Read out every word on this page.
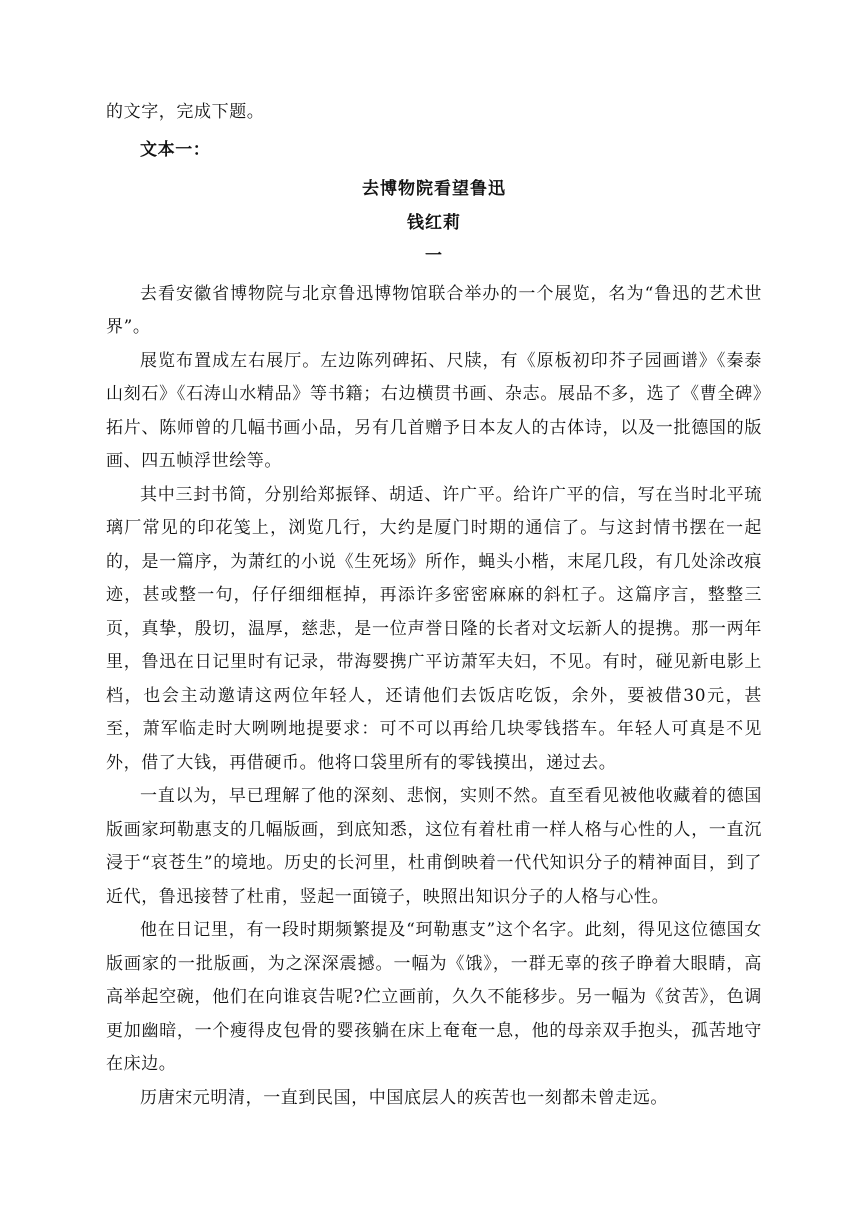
的文字，完成下题。

文本一：

去博物院看望鲁迅

钱红莉

一

去看安徽省博物院与北京鲁迅博物馆联合举办的一个展览，名为“鲁迅的艺术世界”。

展览布置成左右展厅。左边陈列碑拓、尺牍，有《原板初印芥子园画谱》《秦泰山刻石》《石涛山水精品》等书籍；右边横贯书画、杂志。展品不多，选了《曹全碑》拓片、陈师曾的几幅书画小品，另有几首赠予日本友人的古体诗，以及一批德国的版画、四五帧浮世绘等。

其中三封书简，分别给郑振铎、胡适、许广平。给许广平的信，写在当时北平琉璃厂常见的印花笺上，浏览几行，大约是厦门时期的通信了。与这封情书摆在一起的，是一篇序，为萧红的小说《生死场》所作，蝇头小楷，末尾几段，有几处涂改痕迹，甚或整一句，仔仔细细框掉，再添许多密密麻麻的斜杠子。这篇序言，整整三页，真挚，殷切，温厚，慈悲，是一位声誉日隆的长者对文坛新人的提携。那一两年里，鲁迅在日记里时有记录，带海婴携广平访萧军夫妇，不见。有时，碰见新电影上档，也会主动邀请这两位年轻人，还请他们去饭店吃饭，余外，要被借30元，甚至，萧军临走时大咧咧地提要求：可不可以再给几块零钱搭车。年轻人可真是不见外，借了大钱，再借硬币。他将口袋里所有的零钱摸出，递过去。

一直以为，早已理解了他的深刻、悲悯，实则不然。直至看见被他收藏着的德国版画家珂勒惠支的几幅版画，到底知悉，这位有着杜甫一样人格与心性的人，一直沉浸于“哀苍生”的境地。历史的长河里，杜甫倒映着一代代知识分子的精神面目，到了近代，鲁迅接替了杜甫，竖起一面镜子，映照出知识分子的人格与心性。

他在日记里，有一段时期频繁提及“珂勒惠支”这个名字。此刻，得见这位德国女版画家的一批版画，为之深深震撼。一幅为《饿》，一群无辜的孩子睁着大眼睛，高高举起空碗，他们在向谁哀告呢?伫立画前，久久不能移步。另一幅为《贫苦》，色调更加幽暗，一个瘦得皮包骨的婴孩躺在床上奄奄一息，他的母亲双手抱头，孤苦地守在床边。

历唐宋元明清，一直到民国，中国底层人的疾苦也一刻都未曾走远。
